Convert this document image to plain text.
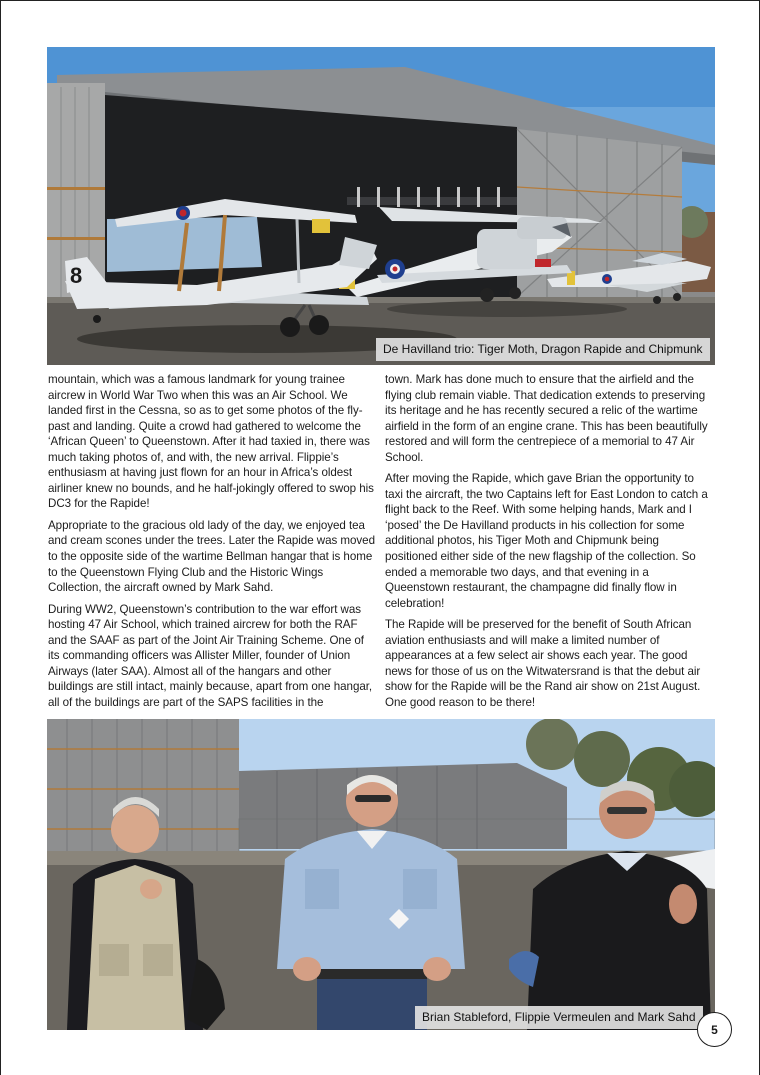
8
De Havilland trio: Tiger Moth, Dragon Rapide and Chipmunk

mountain, which was a famous landmark for young trainee aircrew in World War Two when this was an Air School. We landed first in the Cessna, so as to get some photos of the fly-past and landing. Quite a crowd had gathered to welcome the ‘African Queen’ to Queenstown. After it had taxied in, there was much taking photos of, and with, the new arrival. Flippie’s enthusiasm at having just flown for an hour in Africa’s oldest airliner knew no bounds, and he half-jokingly offered to swop his DC3 for the Rapide!

Appropriate to the gracious old lady of the day, we enjoyed tea and cream scones under the trees. Later the Rapide was moved to the opposite side of the wartime Bellman hangar that is home to the Queenstown Flying Club and the Historic Wings Collection, the aircraft owned by Mark Sahd.

During WW2, Queenstown’s contribution to the war effort was hosting 47 Air School, which trained aircrew for both the RAF and the SAAF as part of the Joint Air Training Scheme. One of its commanding officers was Allister Miller, founder of Union Airways (later SAA). Almost all of the hangars and other buildings are still intact, mainly because, apart from one hangar, all of the buildings are part of the SAPS facilities in the

town. Mark has done much to ensure that the airfield and the flying club remain viable. That dedication extends to preserving its heritage and he has recently secured a relic of the wartime airfield in the form of an engine crane. This has been beautifully restored and will form the centrepiece of a memorial to 47 Air School.

After moving the Rapide, which gave Brian the opportunity to taxi the aircraft, the two Captains left for East London to catch a flight back to the Reef. With some helping hands, Mark and I ‘posed’ the De Havilland products in his collection for some additional photos, his Tiger Moth and Chipmunk being positioned either side of the new flagship of the collection. So ended a memorable two days, and that evening in a Queenstown restaurant, the champagne did finally flow in celebration!

The Rapide will be preserved for the benefit of South African aviation enthusiasts and will make a limited number of appearances at a few select air shows each year. The good news for those of us on the Witwatersrand is that the debut air show for the Rapide will be the Rand air show on 21st August. One good reason to be there!

Brian Stableford, Flippie Vermeulen and Mark Sahd
5
